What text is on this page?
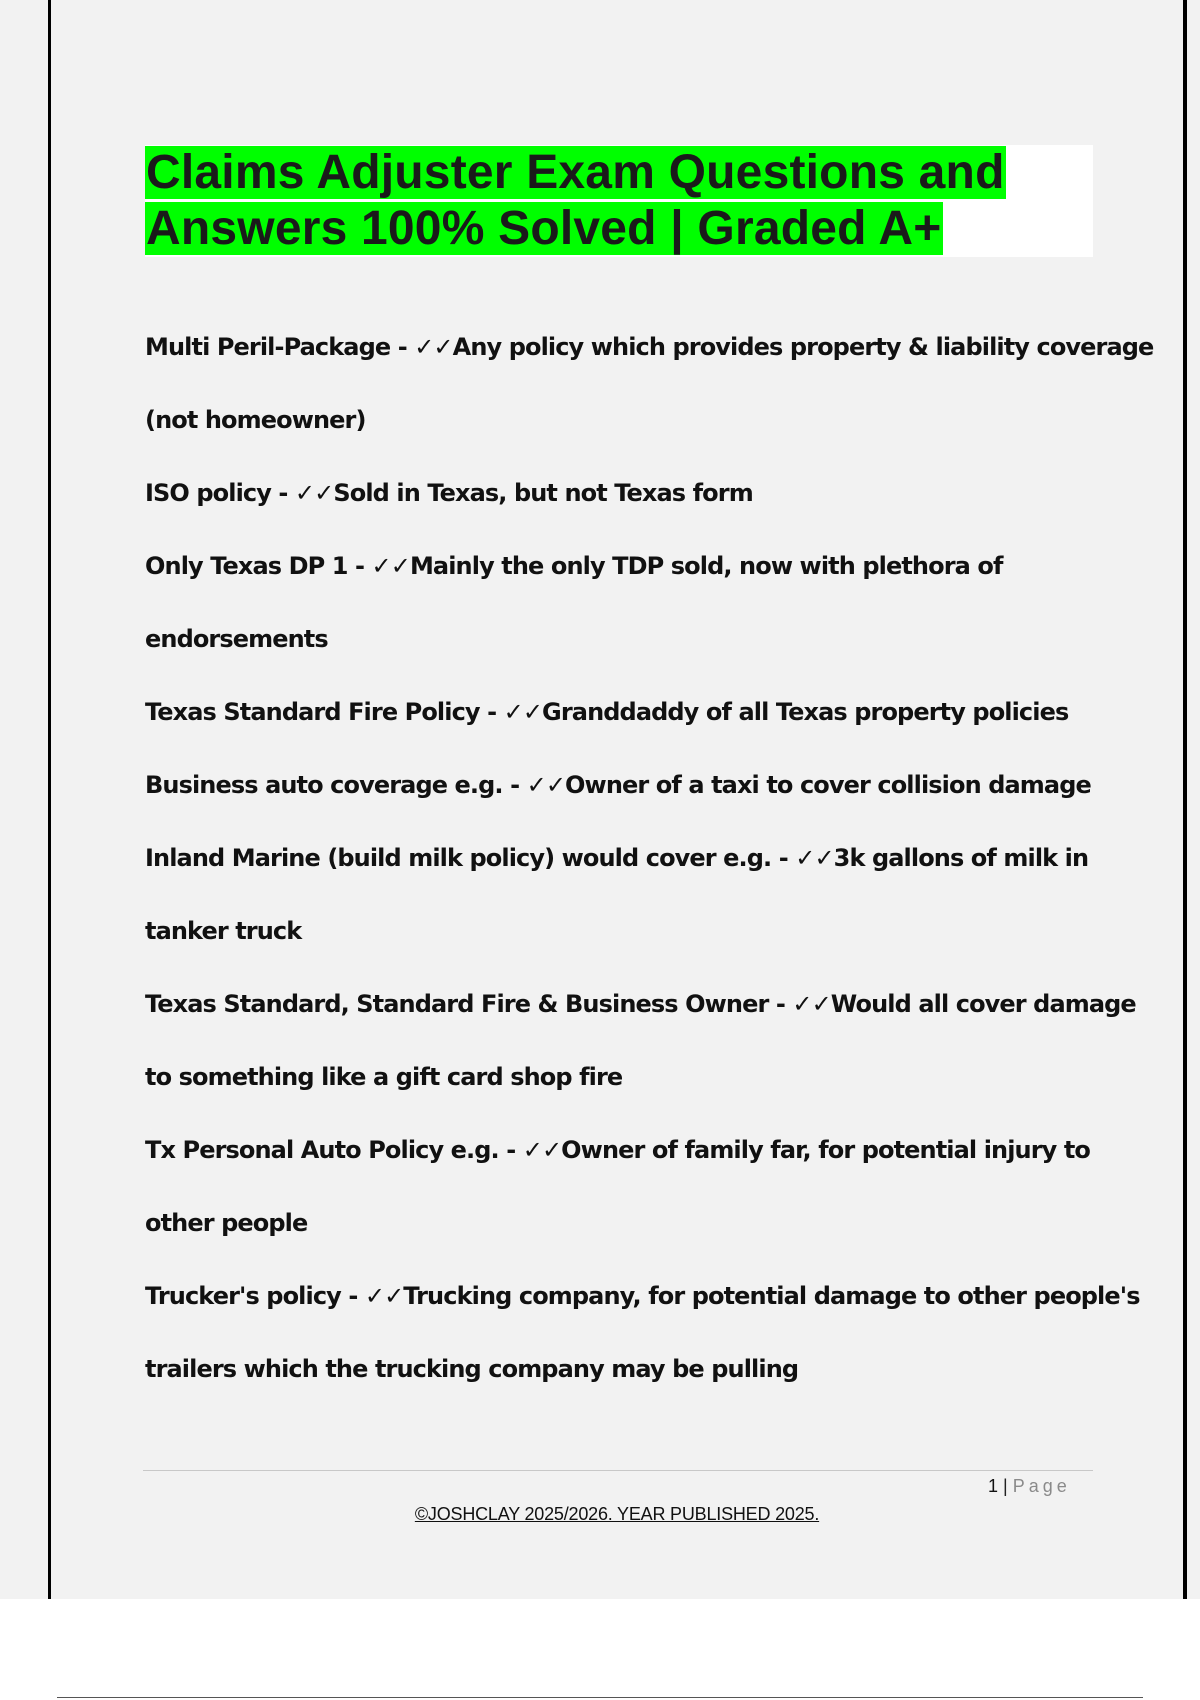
Claims Adjuster Exam Questions and
Answers 100% Solved | Graded A+
Multi Peril-Package - ✓✓Any policy which provides property & liability coverage
(not homeowner)
ISO policy - ✓✓Sold in Texas, but not Texas form
Only Texas DP 1 - ✓✓Mainly the only TDP sold, now with plethora of
endorsements
Texas Standard Fire Policy - ✓✓Granddaddy of all Texas property policies
Business auto coverage e.g. - ✓✓Owner of a taxi to cover collision damage
Inland Marine (build milk policy) would cover e.g. - ✓✓3k gallons of milk in
tanker truck
Texas Standard, Standard Fire & Business Owner - ✓✓Would all cover damage
to something like a gift card shop fire
Tx Personal Auto Policy e.g. - ✓✓Owner of family far, for potential injury to
other people
Trucker's policy - ✓✓Trucking company, for potential damage to other people's
trailers which the trucking company may be pulling
1 | Page
©JOSHCLAY 2025/2026. YEAR PUBLISHED 2025.
